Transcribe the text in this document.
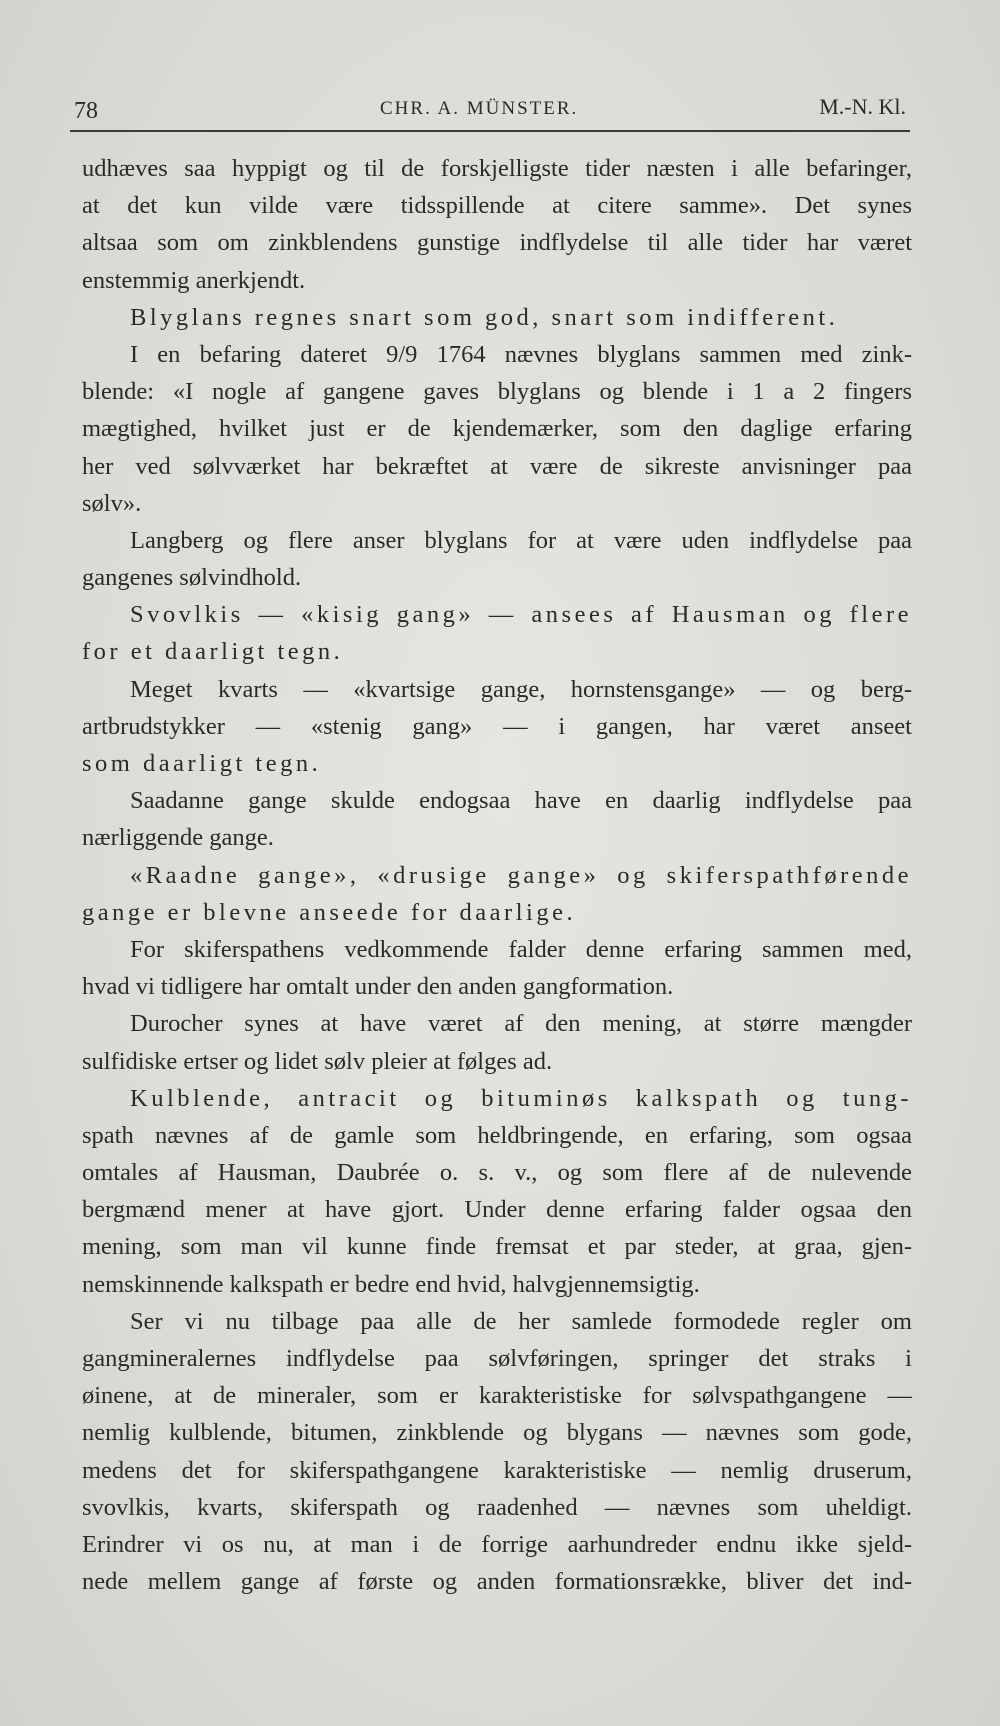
78	CHR. A. MÜNSTER.	M.-N. Kl.
udhæves saa hyppigt og til de forskjelligste tider næsten i alle befaringer,
at det kun vilde være tidsspillende at citere samme». Det synes
altsaa som om zinkblendens gunstige indflydelse til alle tider har været
enstemmig anerkjendt.
Blyglans regnes snart som god, snart som indifferent.
I en befaring dateret 9/9 1764 nævnes blyglans sammen med zink-
blende: «I nogle af gangene gaves blyglans og blende i 1 a 2 fingers
mægtighed, hvilket just er de kjendemærker, som den daglige erfaring
her ved sølvværket har bekræftet at være de sikreste anvisninger paa
sølv».
Langberg og flere anser blyglans for at være uden indflydelse paa
gangenes sølvindhold.
Svovlkis — «kisig gang» — ansees af Hausman og flere
for et daarligt tegn.
Meget kvarts — «kvartsige gange, hornstensgange» — og berg-
artbrudstykker — «stenig gang» — i gangen, har været anseet
som daarligt tegn.
Saadanne gange skulde endogsaa have en daarlig indflydelse paa
nærliggende gange.
«Raadne gange», «drusige gange» og skiferspathførende
gange er blevne anseede for daarlige.
For skiferspathens vedkommende falder denne erfaring sammen med,
hvad vi tidligere har omtalt under den anden gangformation.
Durocher synes at have været af den mening, at større mængder
sulfidiske ertser og lidet sølv pleier at følges ad.
Kulblende, antracit og bituminøs kalkspath og tung-
spath nævnes af de gamle som heldbringende, en erfaring, som ogsaa
omtales af Hausman, Daubrée o. s. v., og som flere af de nulevende
bergmænd mener at have gjort. Under denne erfaring falder ogsaa den
mening, som man vil kunne finde fremsat et par steder, at graa, gjen-
nemskinnende kalkspath er bedre end hvid, halvgjennemsigtig.
Ser vi nu tilbage paa alle de her samlede formodede regler om
gangmineralernes indflydelse paa sølvføringen, springer det straks i
øinene, at de mineraler, som er karakteristiske for sølvspathgangene —
nemlig kulblende, bitumen, zinkblende og blygans — nævnes som gode,
medens det for skiferspathgangene karakteristiske — nemlig druserum,
svovlkis, kvarts, skiferspath og raadenhed — nævnes som uheldigt.
Erindrer vi os nu, at man i de forrige aarhundreder endnu ikke sjeld-
nede mellem gange af første og anden formationsrække, bliver det ind-
